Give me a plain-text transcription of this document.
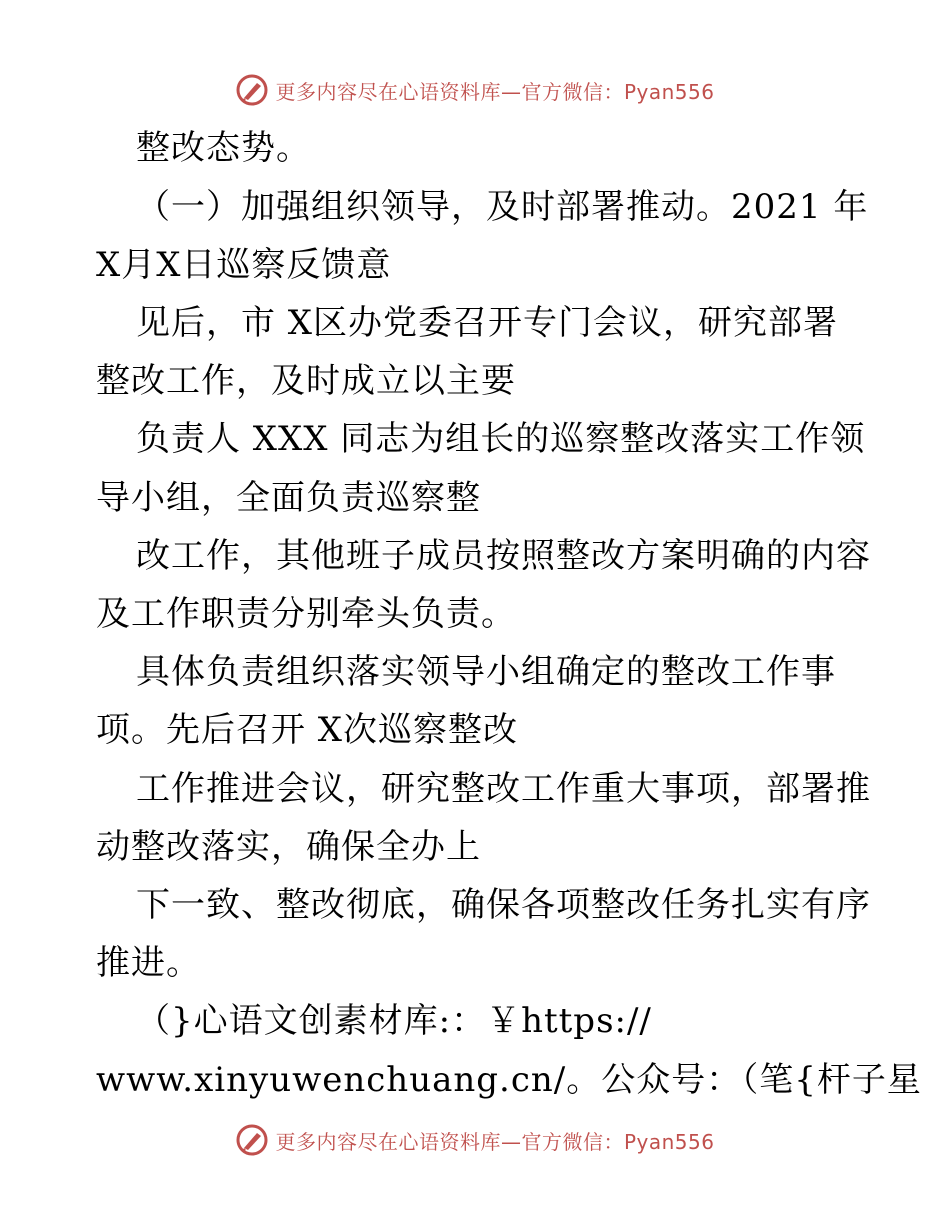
更多内容尽在心语资料库—官方微信：Pyan556
整改态势。
（一）加强组织领导，及时部署推动。2021 年
X月X日巡察反馈意
见后，市 X区办党委召开专门会议，研究部署
整改工作，及时成立以主要
负责人 XXX 同志为组长的巡察整改落实工作领
导小组，全面负责巡察整
改工作，其他班子成员按照整改方案明确的内容
及工作职责分别牵头负责。
具体负责组织落实领导小组确定的整改工作事
项。先后召开 X次巡察整改
工作推进会议，研究整改工作重大事项，部署推
动整改落实，确保全办上
下一致、整改彻底，确保各项整改任务扎实有序
推进。
（}心语文创素材库:：￥https://
www.xinyuwenchuang.cn/。公众号：（笔{杆子星
更多内容尽在心语资料库—官方微信：Pyan556
